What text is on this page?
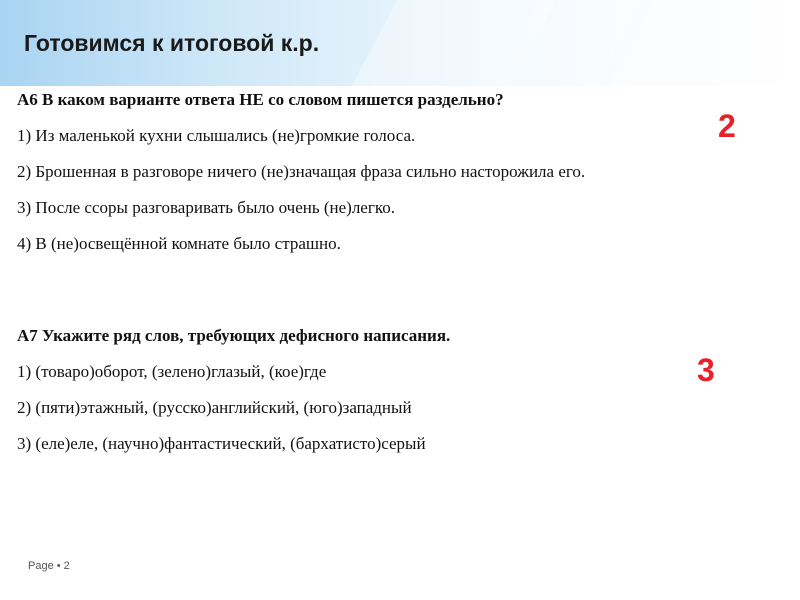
Готовимся к итоговой к.р.

А6 В каком варианте ответа НЕ со словом пишется раздельно?

1) Из маленькой кухни слышались (не)громкие голоса.

2) Брошенная в разговоре ничего (не)значащая фраза сильно насторожила его.

3) После ссоры разговаривать было очень (не)легко.

4) В (не)освещённой комнате было страшно.

А7 Укажите ряд слов, требующих дефисного написания.

1) (товаро)оборот, (зелено)глазый, (кое)где

2) (пяти)этажный, (русско)английский, (юго)западный

3) (еле)еле, (научно)фантастический, (бархатисто)серый

2

3

Page • 2
